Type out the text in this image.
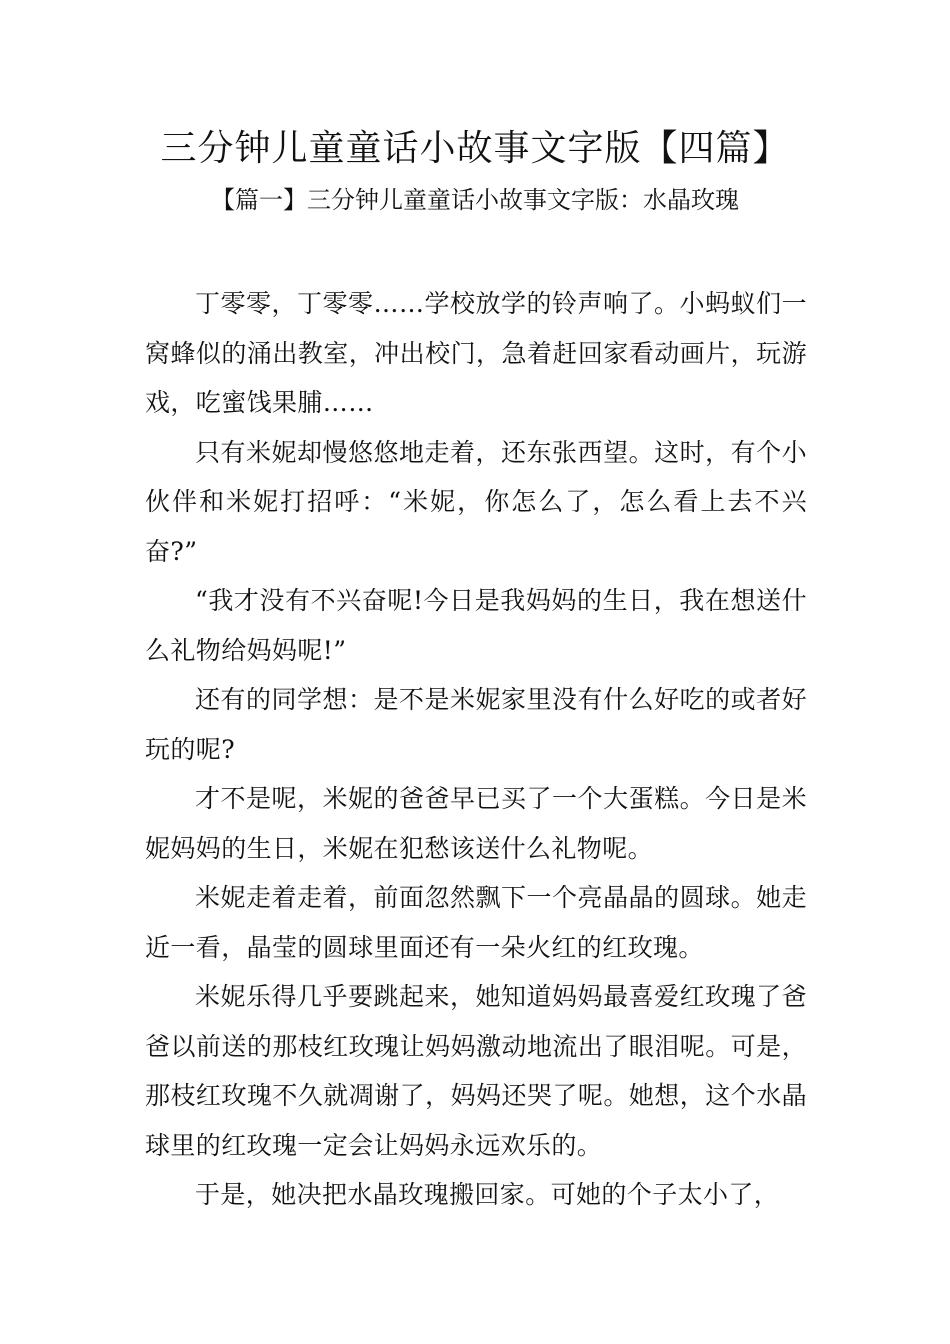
三分钟儿童童话小故事文字版【四篇】
【篇一】三分钟儿童童话小故事文字版：水晶玫瑰

丁零零，丁零零……学校放学的铃声响了。小蚂蚁们一窝蜂似的涌出教室，冲出校门，急着赶回家看动画片，玩游戏，吃蜜饯果脯……

只有米妮却慢悠悠地走着，还东张西望。这时，有个小伙伴和米妮打招呼：“米妮，你怎么了，怎么看上去不兴奋?”

“我才没有不兴奋呢!今日是我妈妈的生日，我在想送什么礼物给妈妈呢!”

还有的同学想：是不是米妮家里没有什么好吃的或者好玩的呢?

才不是呢，米妮的爸爸早已买了一个大蛋糕。今日是米妮妈妈的生日，米妮在犯愁该送什么礼物呢。

米妮走着走着，前面忽然飘下一个亮晶晶的圆球。她走近一看，晶莹的圆球里面还有一朵火红的红玫瑰。

米妮乐得几乎要跳起来，她知道妈妈最喜爱红玫瑰了爸爸以前送的那枝红玫瑰让妈妈激动地流出了眼泪呢。可是，那枝红玫瑰不久就凋谢了，妈妈还哭了呢。她想，这个水晶球里的红玫瑰一定会让妈妈永远欢乐的。

于是，她决把水晶玫瑰搬回家。可她的个子太小了，
